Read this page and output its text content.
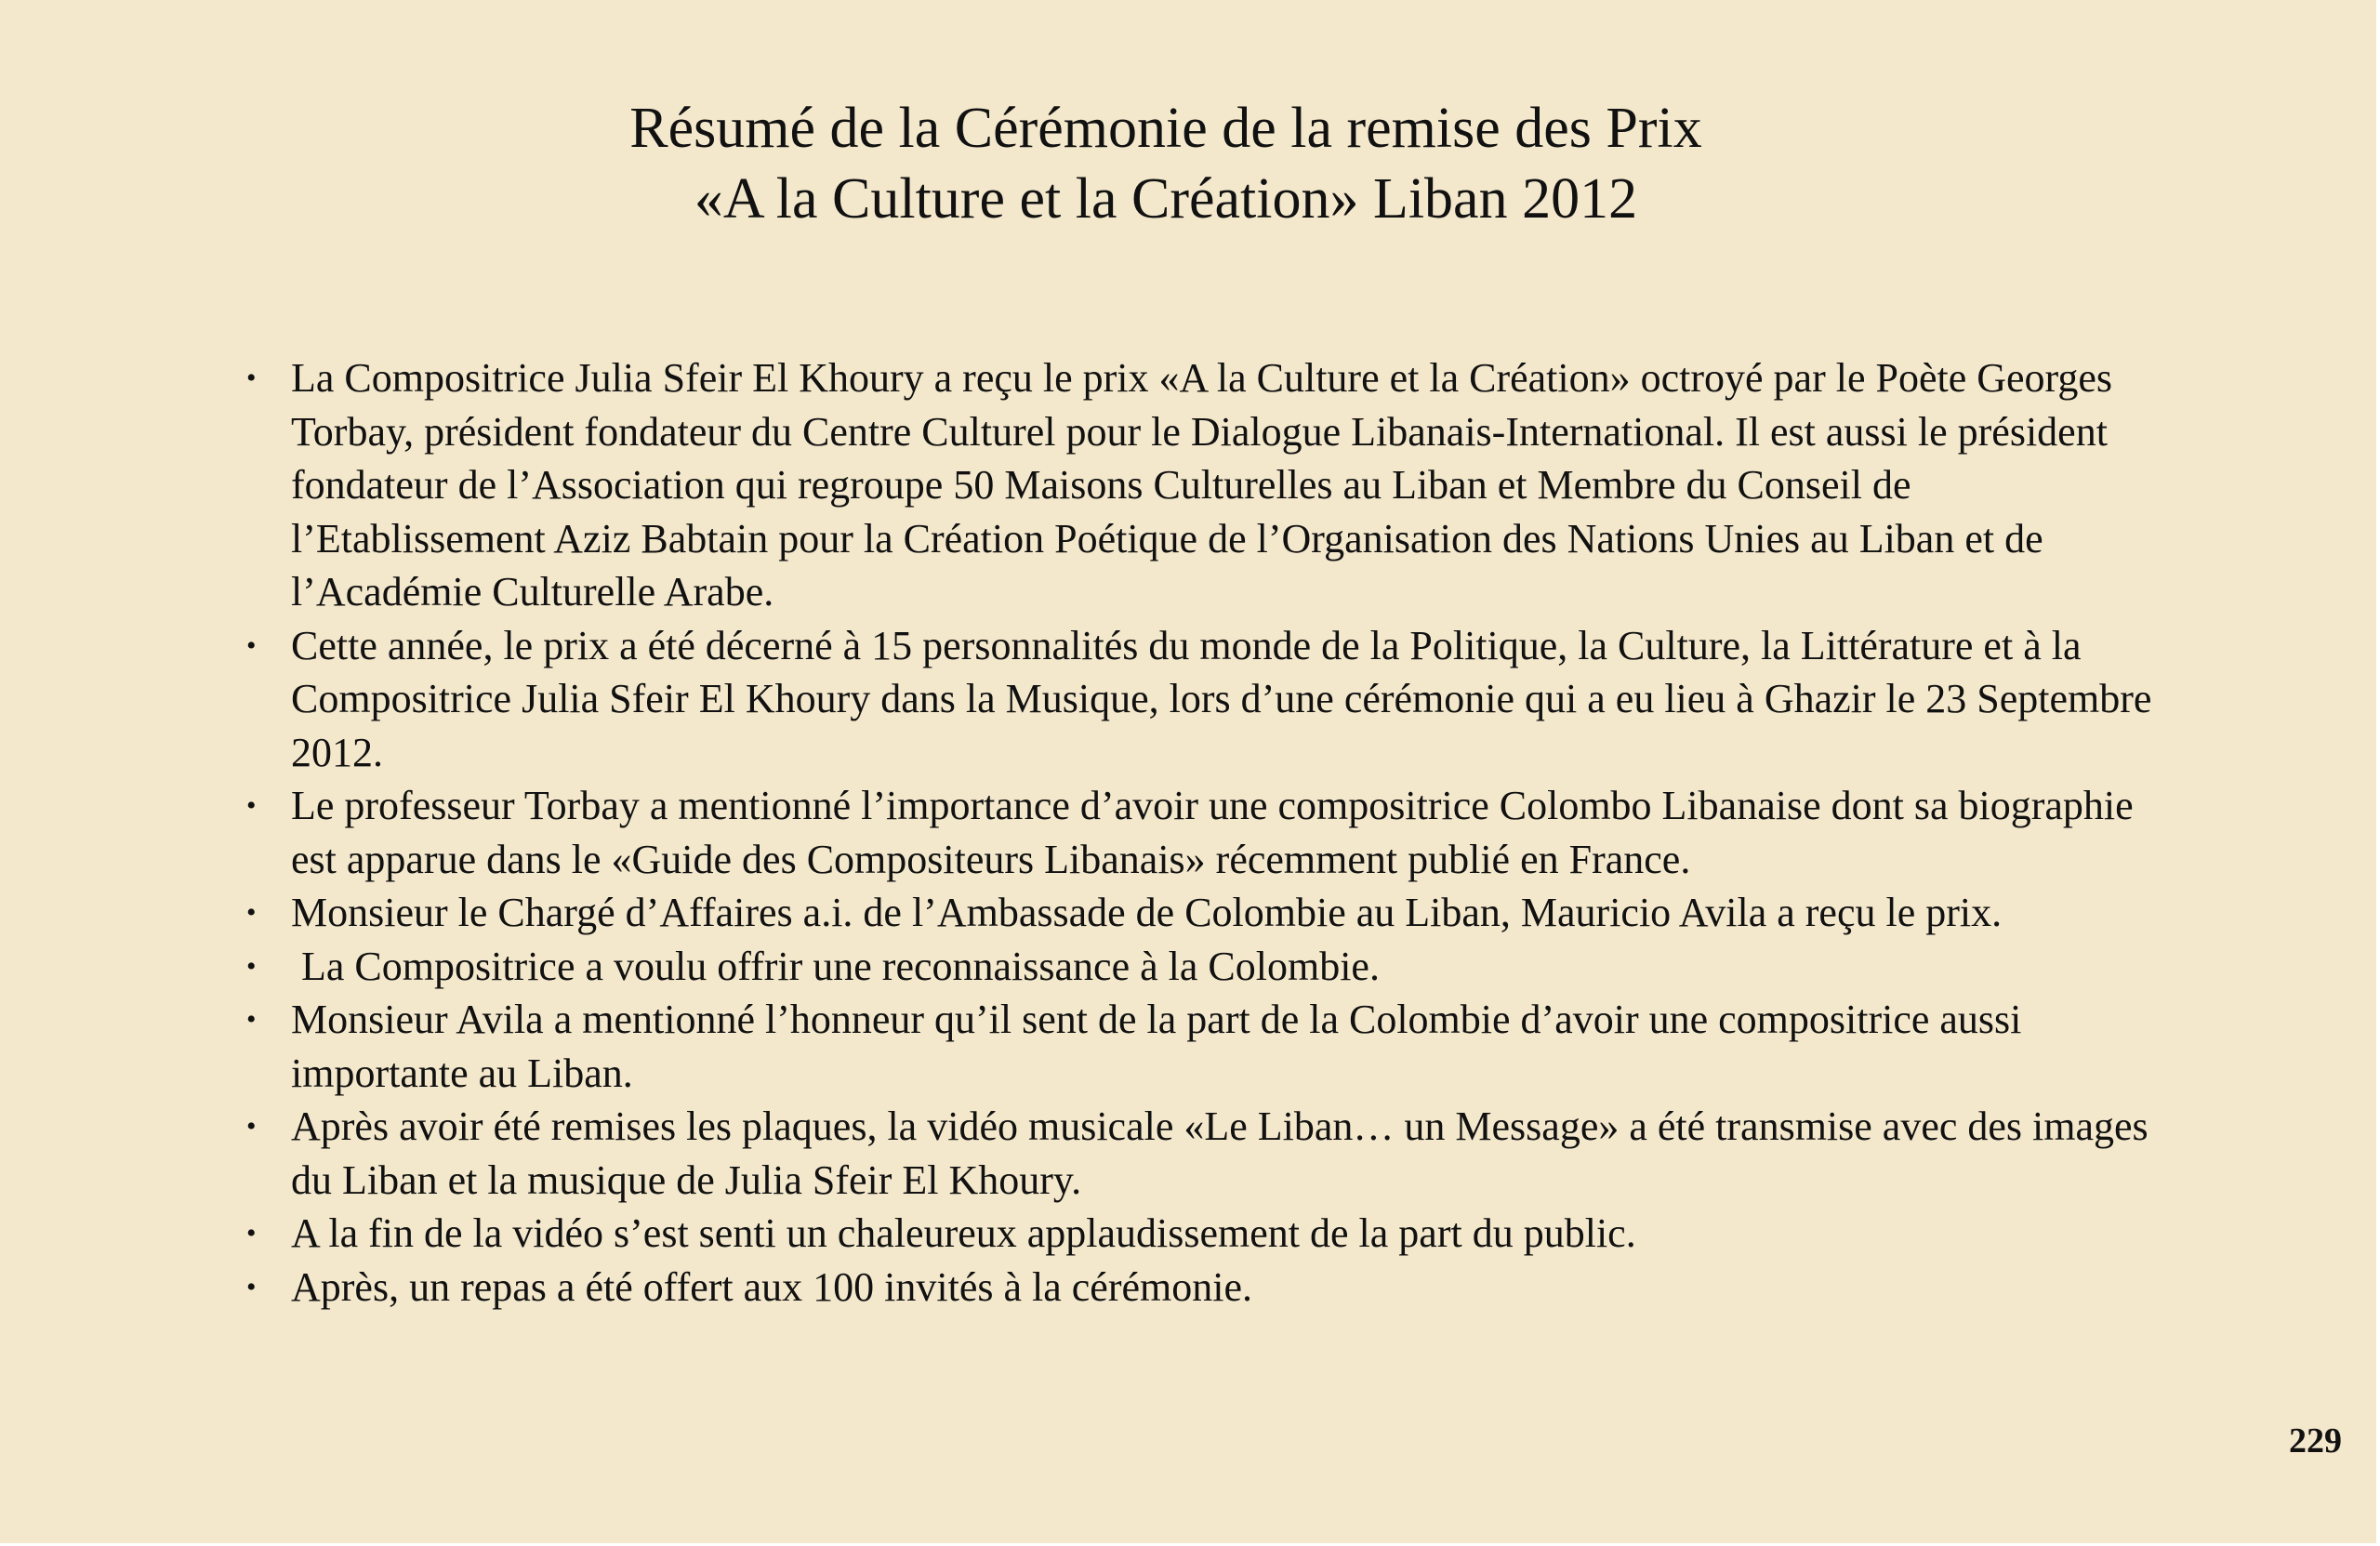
Résumé de la Cérémonie de la remise des Prix
«A la Culture et la Création» Liban 2012
• La Compositrice Julia Sfeir El Khoury a reçu le prix «A la Culture et la Création» octroyé par le Poète Georges Torbay, président fondateur du Centre Culturel pour le Dialogue Libanais-International. Il est aussi le président fondateur de l’Association qui regroupe 50 Maisons Culturelles au Liban et Membre du Conseil de l’Etablissement Aziz Babtain pour la Création Poétique de l’Organisation des Nations Unies au Liban et de l’Académie Culturelle Arabe.
• Cette année, le prix a été décerné à 15 personnalités du monde de la Politique, la Culture, la Littérature et à la Compositrice Julia Sfeir El Khoury dans la Musique, lors d’une cérémonie qui a eu lieu à Ghazir le 23 Septembre 2012.
• Le professeur Torbay a mentionné l’importance d’avoir une compositrice Colombo Libanaise dont sa biographie est apparue dans le «Guide des Compositeurs Libanais» récemment publié en France.
• Monsieur le Chargé d’Affaires a.i. de l’Ambassade de Colombie au Liban, Mauricio Avila a reçu le prix.
• La Compositrice a voulu offrir une reconnaissance à la Colombie.
• Monsieur Avila a mentionné l’honneur qu’il sent de la part de la Colombie d’avoir une compositrice aussi importante au Liban.
• Après avoir été remises les plaques, la vidéo musicale «Le Liban… un Message» a été transmise avec des images du Liban et la musique de Julia Sfeir El Khoury.
• A la fin de la vidéo s’est senti un chaleureux applaudissement de la part du public.
• Après, un repas a été offert aux 100 invités à la cérémonie.
229
